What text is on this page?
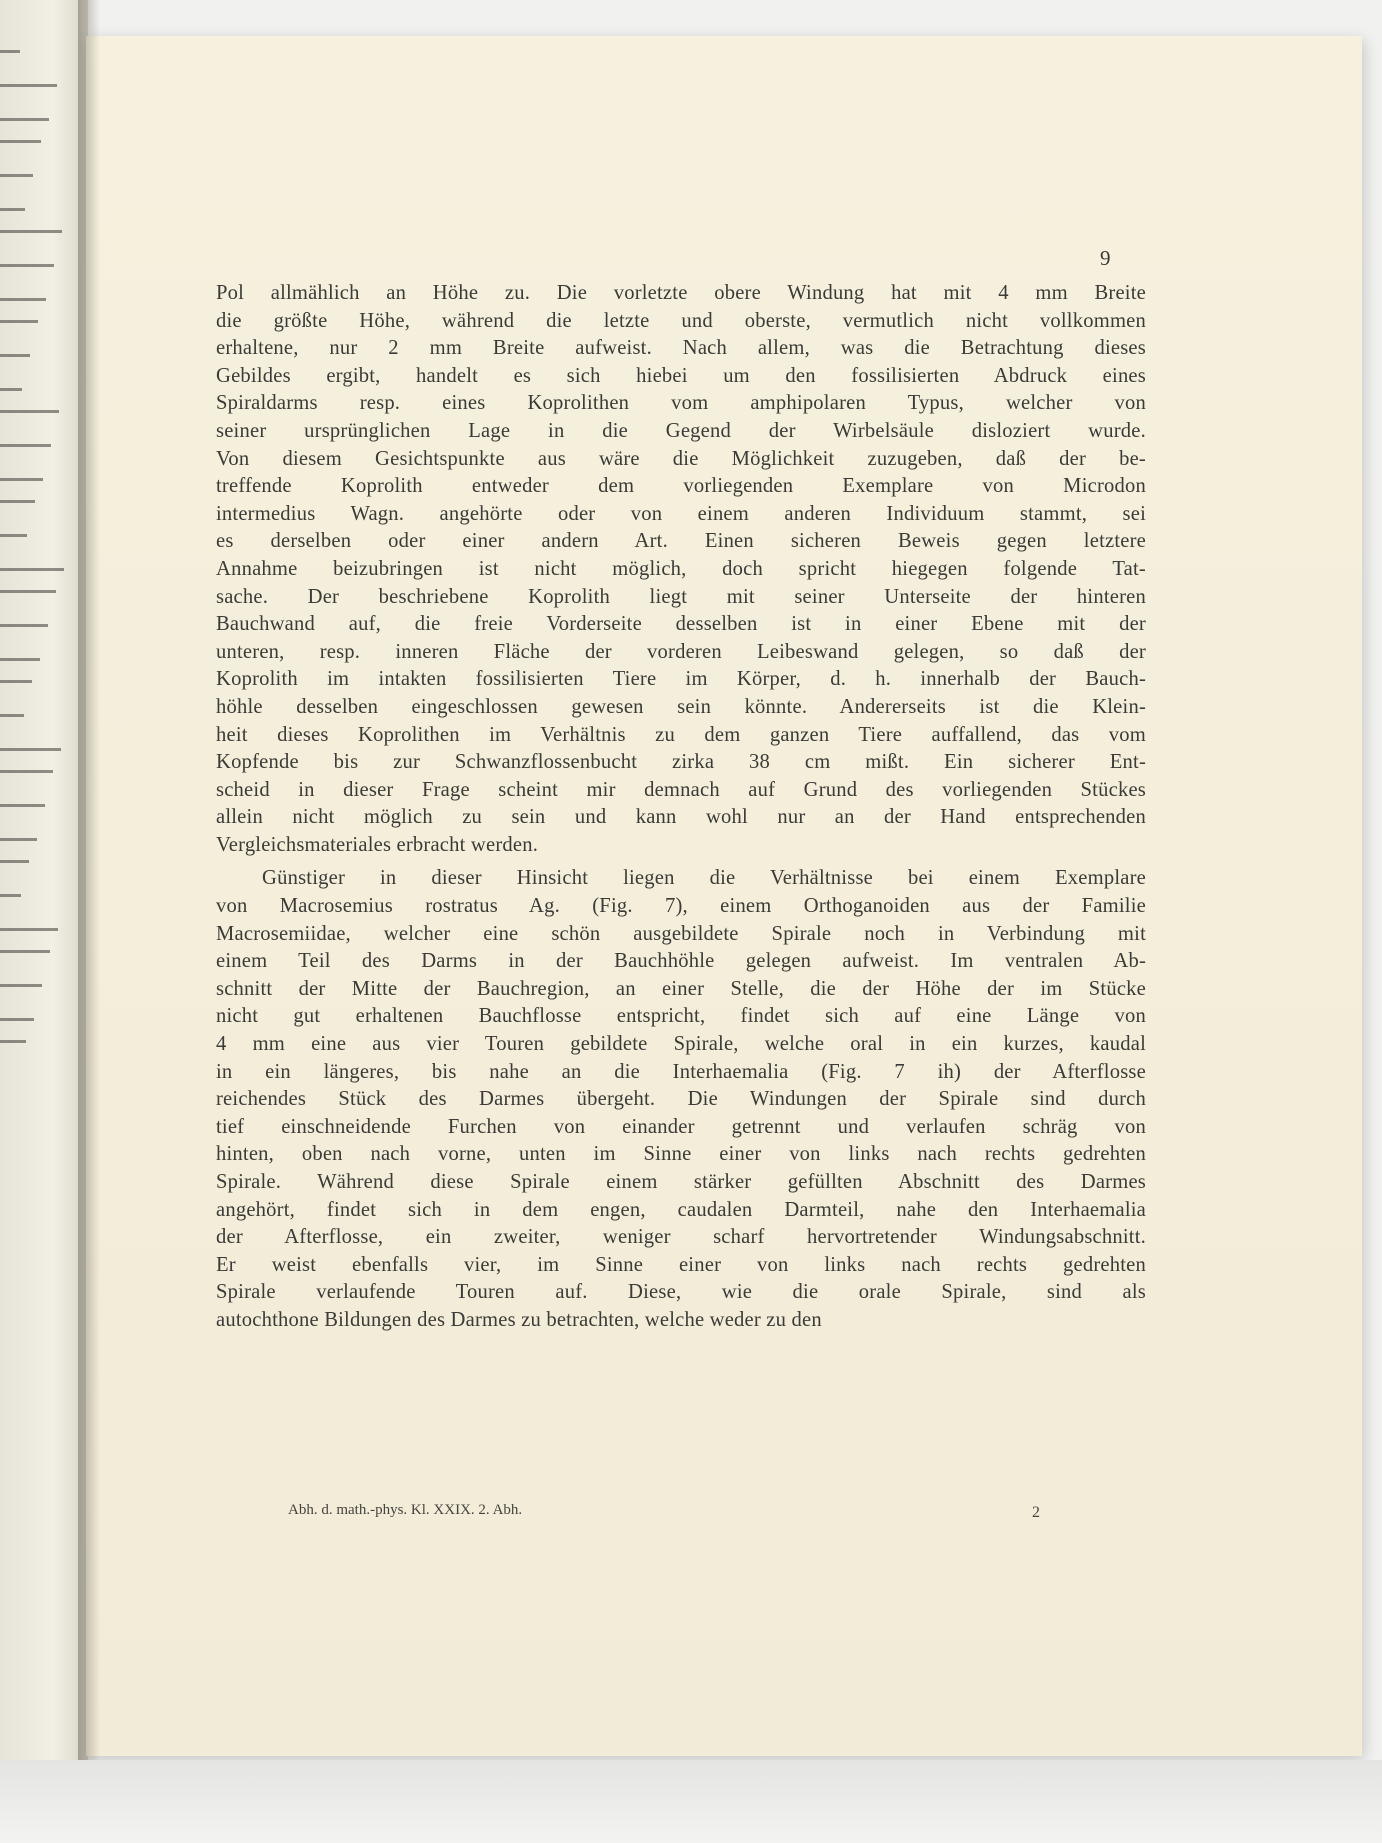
9
Pol allmählich an Höhe zu. Die vorletzte obere Windung hat mit 4 mm Breite
die größte Höhe, während die letzte und oberste, vermutlich nicht vollkommen
erhaltene, nur 2 mm Breite aufweist. Nach allem, was die Betrachtung dieses
Gebildes ergibt, handelt es sich hiebei um den fossilisierten Abdruck eines
Spiraldarms resp. eines Koprolithen vom amphipolaren Typus, welcher von
seiner ursprünglichen Lage in die Gegend der Wirbelsäule disloziert wurde.
Von diesem Gesichtspunkte aus wäre die Möglichkeit zuzugeben, daß der be-
treffende Koprolith entweder dem vorliegenden Exemplare von Microdon
intermedius Wagn. angehörte oder von einem anderen Individuum stammt, sei
es derselben oder einer andern Art. Einen sicheren Beweis gegen letztere
Annahme beizubringen ist nicht möglich, doch spricht hiegegen folgende Tat-
sache. Der beschriebene Koprolith liegt mit seiner Unterseite der hinteren
Bauchwand auf, die freie Vorderseite desselben ist in einer Ebene mit der
unteren, resp. inneren Fläche der vorderen Leibeswand gelegen, so daß der
Koprolith im intakten fossilisierten Tiere im Körper, d. h. innerhalb der Bauch-
höhle desselben eingeschlossen gewesen sein könnte. Andererseits ist die Klein-
heit dieses Koprolithen im Verhältnis zu dem ganzen Tiere auffallend, das vom
Kopfende bis zur Schwanzflossenbucht zirka 38 cm mißt. Ein sicherer Ent-
scheid in dieser Frage scheint mir demnach auf Grund des vorliegenden Stückes
allein nicht möglich zu sein und kann wohl nur an der Hand entsprechenden
Vergleichsmateriales erbracht werden.
Günstiger in dieser Hinsicht liegen die Verhältnisse bei einem Exemplare
von Macrosemius rostratus Ag. (Fig. 7), einem Orthoganoiden aus der Familie
Macrosemiidae, welcher eine schön ausgebildete Spirale noch in Verbindung mit
einem Teil des Darms in der Bauchhöhle gelegen aufweist. Im ventralen Ab-
schnitt der Mitte der Bauchregion, an einer Stelle, die der Höhe der im Stücke
nicht gut erhaltenen Bauchflosse entspricht, findet sich auf eine Länge von
4 mm eine aus vier Touren gebildete Spirale, welche oral in ein kurzes, kaudal
in ein längeres, bis nahe an die Interhaemalia (Fig. 7 ih) der Afterflosse
reichendes Stück des Darmes übergeht. Die Windungen der Spirale sind durch
tief einschneidende Furchen von einander getrennt und verlaufen schräg von
hinten, oben nach vorne, unten im Sinne einer von links nach rechts gedrehten
Spirale. Während diese Spirale einem stärker gefüllten Abschnitt des Darmes
angehört, findet sich in dem engen, caudalen Darmteil, nahe den Interhaemalia
der Afterflosse, ein zweiter, weniger scharf hervortretender Windungsabschnitt.
Er weist ebenfalls vier, im Sinne einer von links nach rechts gedrehten
Spirale verlaufende Touren auf. Diese, wie die orale Spirale, sind als
autochthone Bildungen des Darmes zu betrachten, welche weder zu den
Abh. d. math.-phys. Kl. XXIX. 2. Abh.	2
